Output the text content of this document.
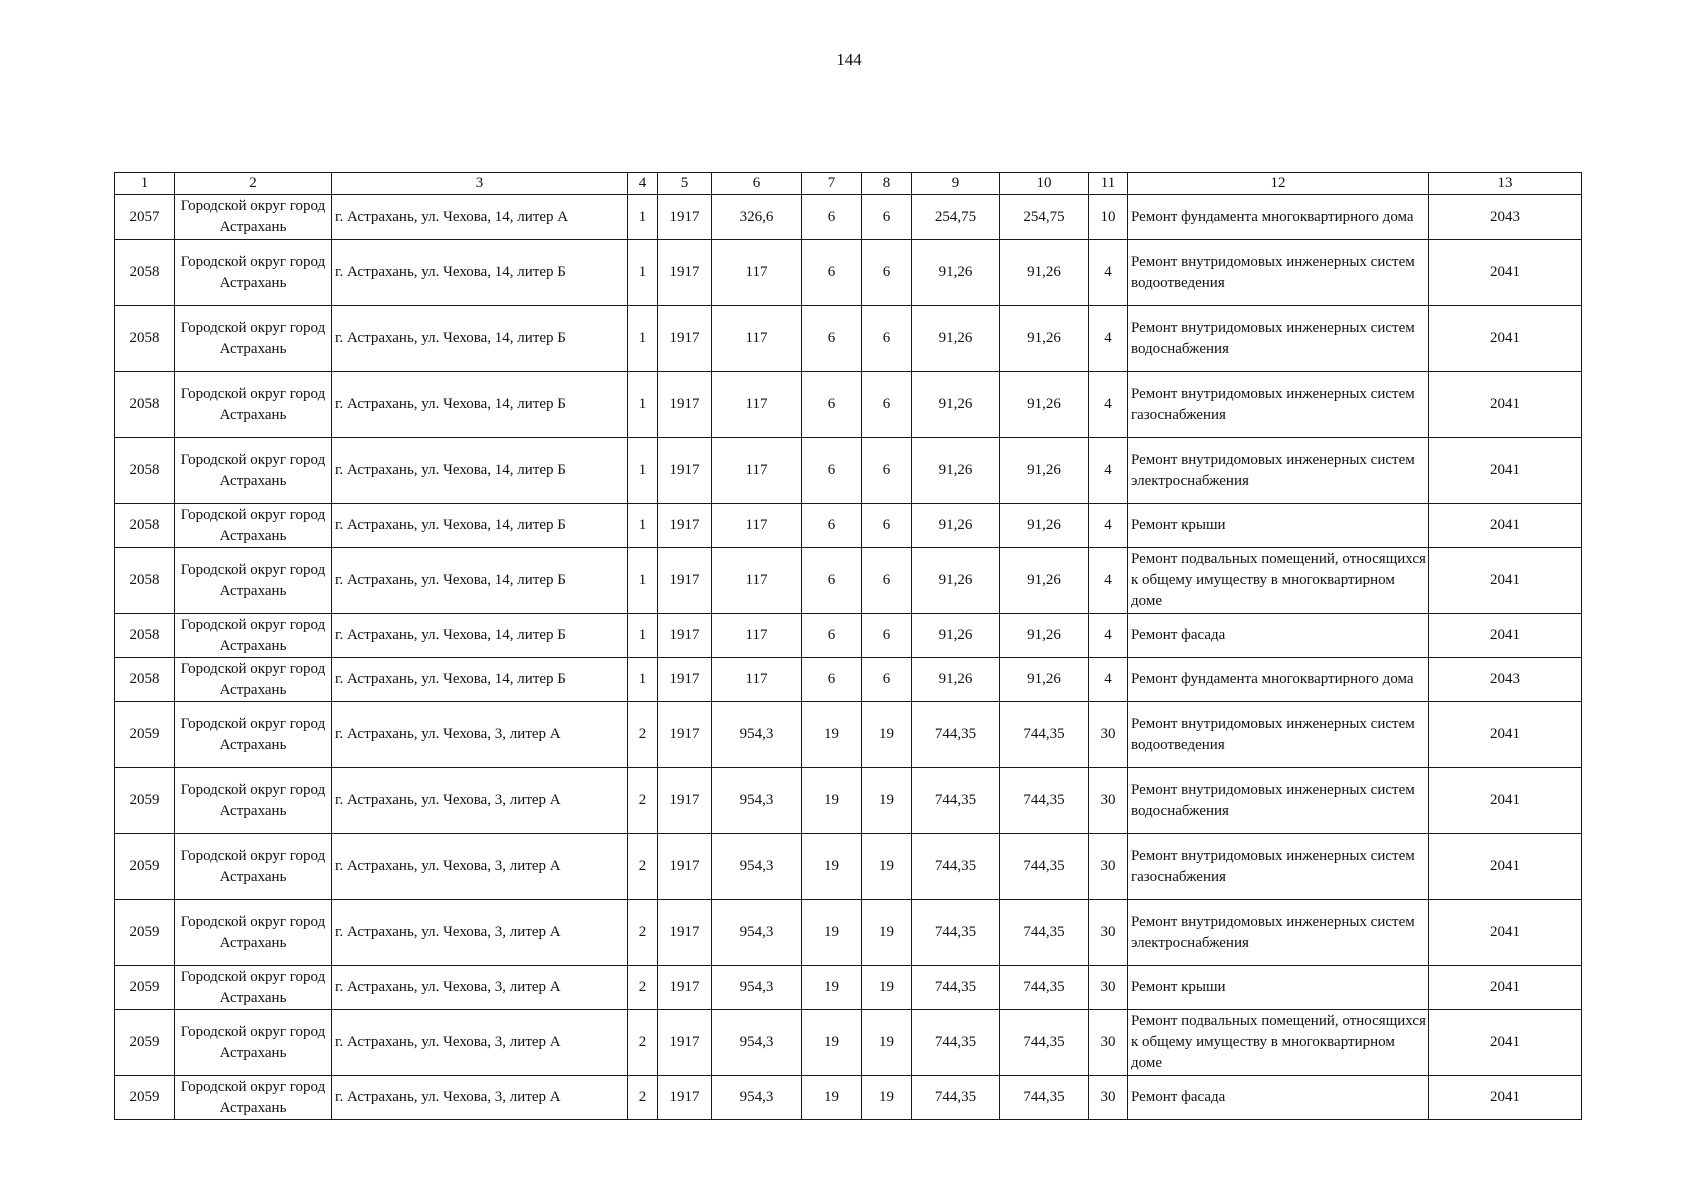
144
1	2	3	4	5	6	7	8	9	10	11	12	13
2057	Городской округ город Астрахань	г. Астрахань, ул. Чехова, 14, литер А	1	1917	326,6	6	6	254,75	254,75	10	Ремонт фундамента многоквартирного дома	2043
2058	Городской округ город Астрахань	г. Астрахань, ул. Чехова, 14, литер Б	1	1917	117	6	6	91,26	91,26	4	Ремонт внутридомовых инженерных систем водоотведения	2041
2058	Городской округ город Астрахань	г. Астрахань, ул. Чехова, 14, литер Б	1	1917	117	6	6	91,26	91,26	4	Ремонт внутридомовых инженерных систем водоснабжения	2041
2058	Городской округ город Астрахань	г. Астрахань, ул. Чехова, 14, литер Б	1	1917	117	6	6	91,26	91,26	4	Ремонт внутридомовых инженерных систем газоснабжения	2041
2058	Городской округ город Астрахань	г. Астрахань, ул. Чехова, 14, литер Б	1	1917	117	6	6	91,26	91,26	4	Ремонт внутридомовых инженерных систем электроснабжения	2041
2058	Городской округ город Астрахань	г. Астрахань, ул. Чехова, 14, литер Б	1	1917	117	6	6	91,26	91,26	4	Ремонт крыши	2041
2058	Городской округ город Астрахань	г. Астрахань, ул. Чехова, 14, литер Б	1	1917	117	6	6	91,26	91,26	4	Ремонт подвальных помещений, относящихся к общему имуществу в многоквартирном доме	2041
2058	Городской округ город Астрахань	г. Астрахань, ул. Чехова, 14, литер Б	1	1917	117	6	6	91,26	91,26	4	Ремонт фасада	2041
2058	Городской округ город Астрахань	г. Астрахань, ул. Чехова, 14, литер Б	1	1917	117	6	6	91,26	91,26	4	Ремонт фундамента многоквартирного дома	2043
2059	Городской округ город Астрахань	г. Астрахань, ул. Чехова, 3, литер А	2	1917	954,3	19	19	744,35	744,35	30	Ремонт внутридомовых инженерных систем водоотведения	2041
2059	Городской округ город Астрахань	г. Астрахань, ул. Чехова, 3, литер А	2	1917	954,3	19	19	744,35	744,35	30	Ремонт внутридомовых инженерных систем водоснабжения	2041
2059	Городской округ город Астрахань	г. Астрахань, ул. Чехова, 3, литер А	2	1917	954,3	19	19	744,35	744,35	30	Ремонт внутридомовых инженерных систем газоснабжения	2041
2059	Городской округ город Астрахань	г. Астрахань, ул. Чехова, 3, литер А	2	1917	954,3	19	19	744,35	744,35	30	Ремонт внутридомовых инженерных систем электроснабжения	2041
2059	Городской округ город Астрахань	г. Астрахань, ул. Чехова, 3, литер А	2	1917	954,3	19	19	744,35	744,35	30	Ремонт крыши	2041
2059	Городской округ город Астрахань	г. Астрахань, ул. Чехова, 3, литер А	2	1917	954,3	19	19	744,35	744,35	30	Ремонт подвальных помещений, относящихся к общему имуществу в многоквартирном доме	2041
2059	Городской округ город Астрахань	г. Астрахань, ул. Чехова, 3, литер А	2	1917	954,3	19	19	744,35	744,35	30	Ремонт фасада	2041
